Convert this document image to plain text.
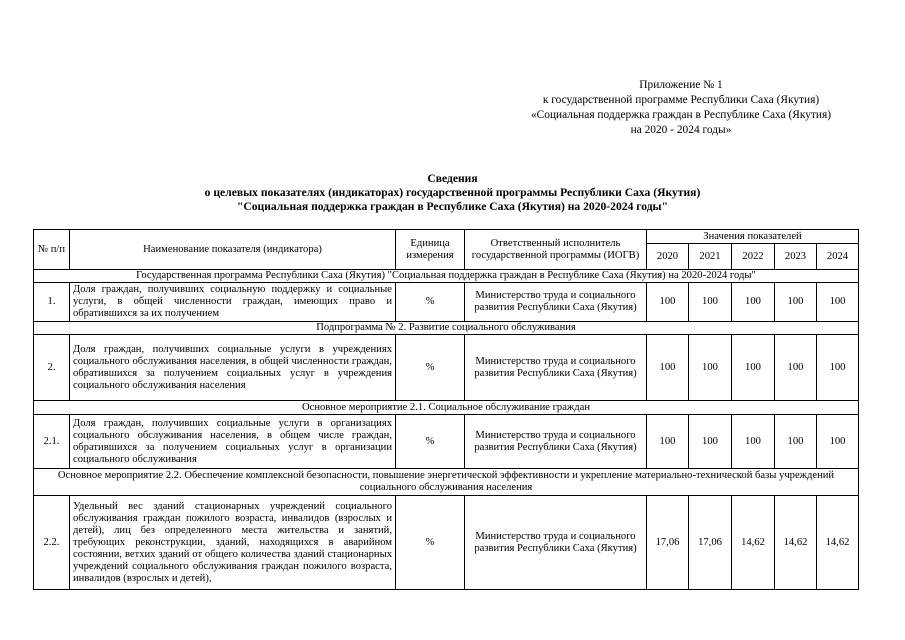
Приложение № 1
к государственной программе Республики Саха (Якутия)
«Социальная поддержка граждан в Республике Саха (Якутия)
на 2020 - 2024 годы»
Сведения
о целевых показателях (индикаторах) государственной программы Республики Саха (Якутия)
"Социальная поддержка граждан в Республике Саха (Якутия) на 2020-2024 годы"
№ п/п	Наименование показателя (индикатора)	Единица измерения	Ответственный исполнитель государственной программы (ИОГВ)	Значения показателей				
				2020	2021	2022	2023	2024
Государственная программа Республики Саха (Якутия) "Социальная поддержка граждан в Республике Саха (Якутия) на 2020-2024 годы"								
1.	Доля граждан, получивших социальную поддержку и социальные услуги, в общей численности граждан, имеющих право и обратившихся за их получением	%	Министерство труда и социального развития Республики Саха (Якутия)	100	100	100	100	100
Подпрограмма № 2. Развитие социального обслуживания								
2.	Доля граждан, получивших социальные услуги в учреждениях социального обслуживания населения, в общей численности граждан, обратившихся за получением социальных услуг в учреждения социального обслуживания населения	%	Министерство труда и социального развития Республики Саха (Якутия)	100	100	100	100	100
Основное мероприятие 2.1. Социальное обслуживание граждан								
2.1.	Доля граждан, получивших социальные услуги в организациях социального обслуживания населения, в общем числе граждан, обратившихся за получением социальных услуг в организации социального обслуживания	%	Министерство труда и социального развития Республики Саха (Якутия)	100	100	100	100	100
Основное мероприятие 2.2. Обеспечение комплексной безопасности, повышение энергетической эффективности и укрепление материально-технической базы учреждений социального обслуживания населения								
2.2.	Удельный вес зданий стационарных учреждений социального обслуживания граждан пожилого возраста, инвалидов (взрослых и детей), лиц без определенного места жительства и занятий, требующих реконструкции, зданий, находящихся в аварийном состоянии, ветхих зданий от общего количества зданий стационарных учреждений социального обслуживания граждан пожилого возраста, инвалидов (взрослых и детей),	%	Министерство труда и социального развития Республики Саха (Якутия)	17,06	17,06	14,62	14,62	14,62
